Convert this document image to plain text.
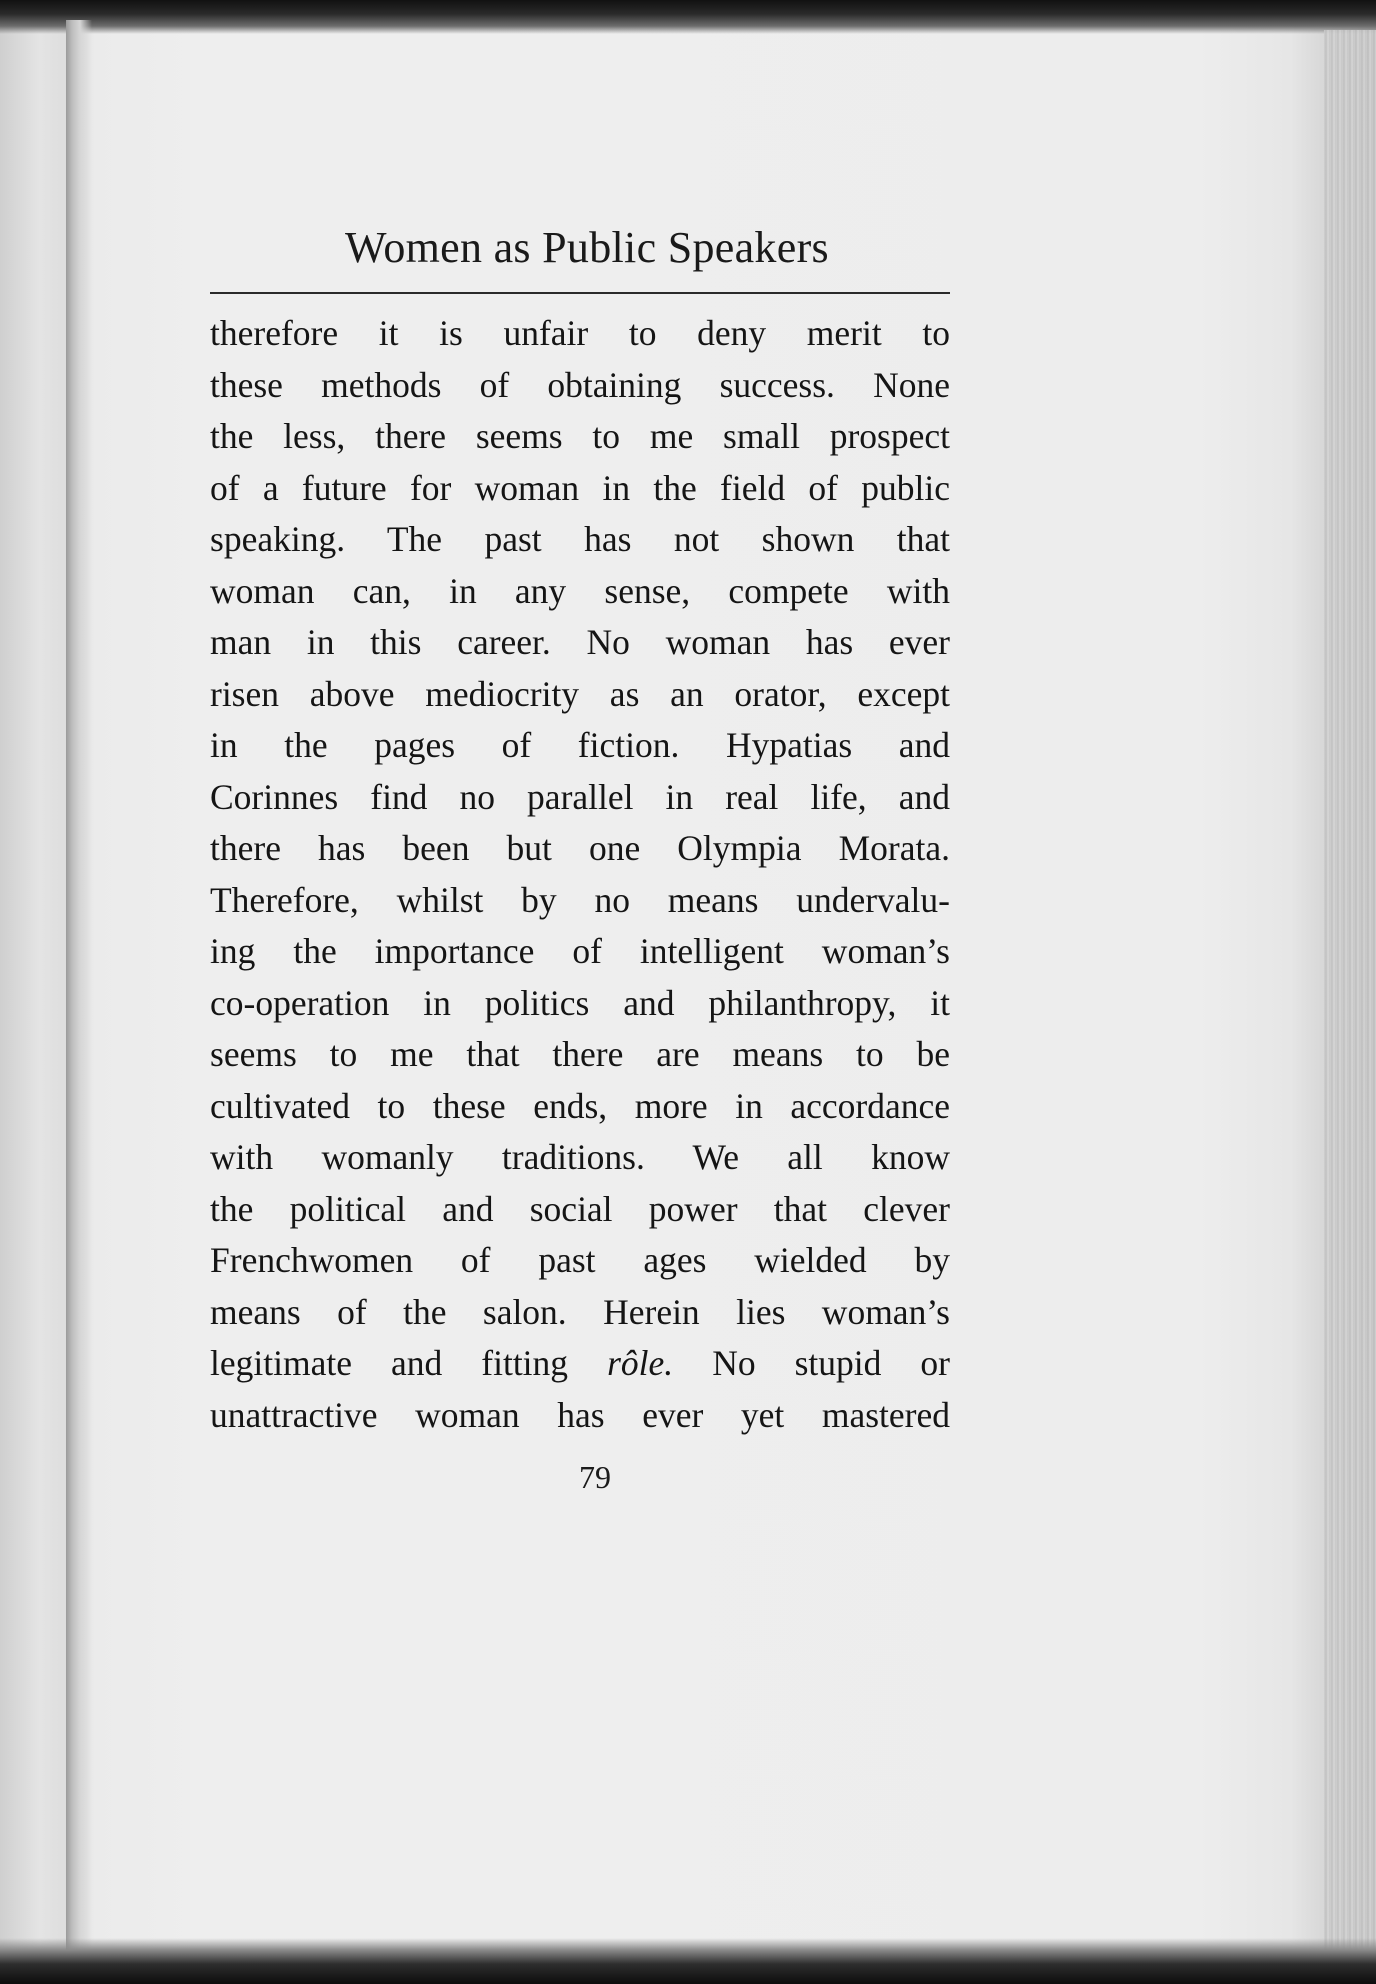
Women as Public Speakers
therefore it is unfair to deny merit to
these methods of obtaining success. None
the less, there seems to me small prospect
of a future for woman in the field of public
speaking. The past has not shown that
woman can, in any sense, compete with
man in this career. No woman has ever
risen above mediocrity as an orator, except
in the pages of fiction. Hypatias and
Corinnes find no parallel in real life, and
there has been but one Olympia Morata.
Therefore, whilst by no means undervalu-
ing the importance of intelligent woman’s
co-operation in politics and philanthropy, it
seems to me that there are means to be
cultivated to these ends, more in accordance
with womanly traditions. We all know
the political and social power that clever
Frenchwomen of past ages wielded by
means of the salon. Herein lies woman’s
legitimate and fitting rôle. No stupid or
unattractive woman has ever yet mastered
79
